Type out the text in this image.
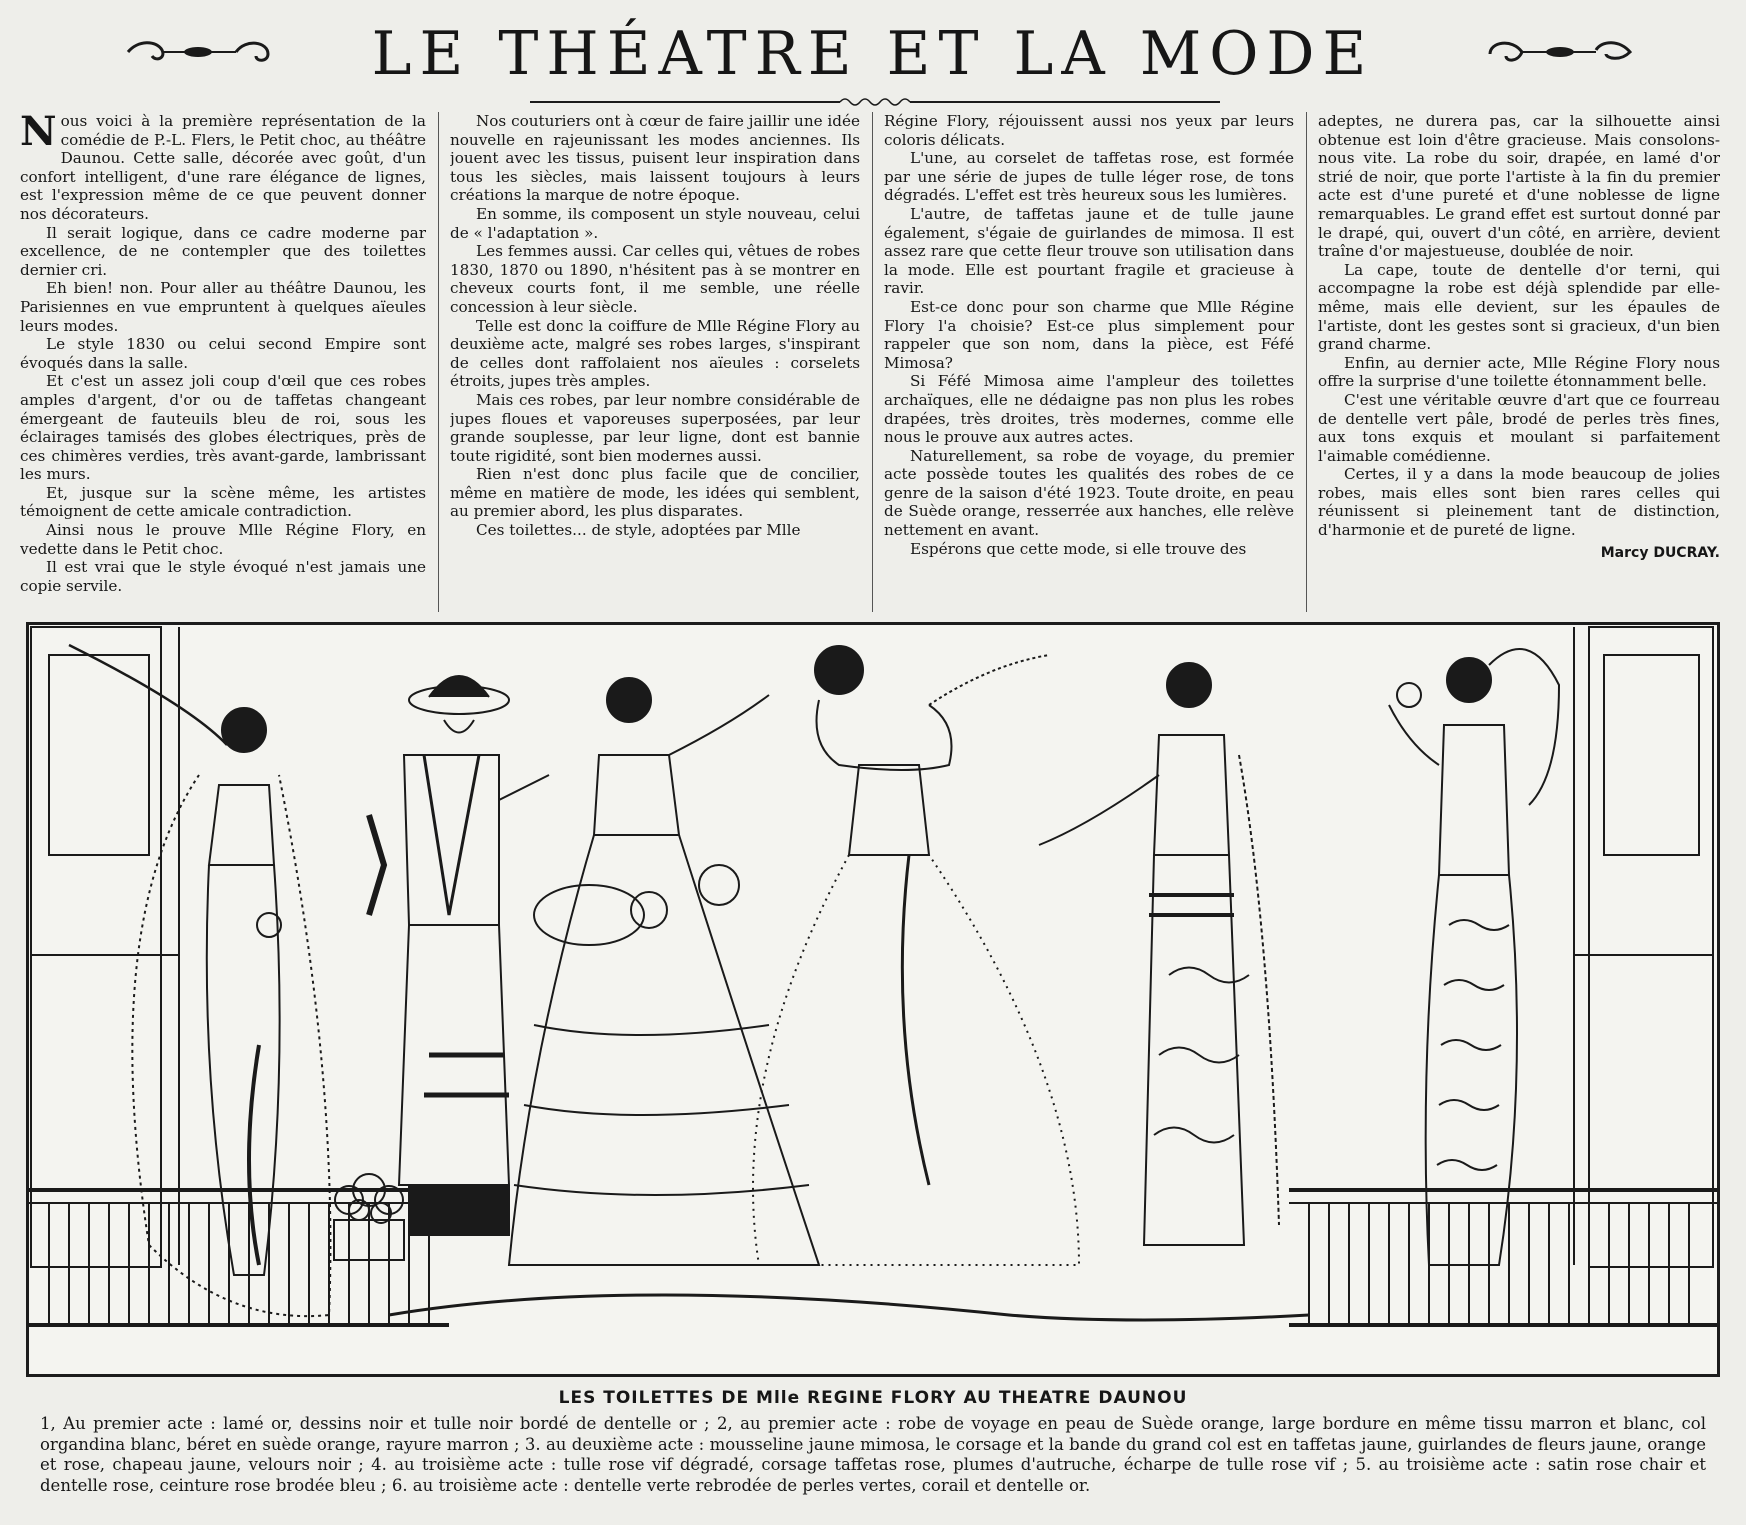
LE THÉATRE ET LA MODE
N ous voici à la première représentation de la comédie de P.-L. Flers, le Petit choc, au théâtre Daunou. Cette salle, décorée avec goût, d'un confort intelligent, d'une rare élégance de lignes, est l'expression même de ce que peuvent donner nos décorateurs.

Il serait logique, dans ce cadre moderne par excellence, de ne contempler que des toilettes dernier cri.

Eh bien! non. Pour aller au théâtre Daunou, les Parisiennes en vue empruntent à quelques aïeules leurs modes.

Le style 1830 ou celui second Empire sont évoqués dans la salle.

Et c'est un assez joli coup d'œil que ces robes amples d'argent, d'or ou de taffetas changeant émergeant de fauteuils bleu de roi, sous les éclairages tamisés des globes électriques, près de ces chimères verdies, très avant-garde, lambrissant les murs.

Et, jusque sur la scène même, les artistes témoignent de cette amicale contradiction.

Ainsi nous le prouve Mlle Régine Flory, en vedette dans le Petit choc.

Il est vrai que le style évoqué n'est jamais une copie servile.

Nos couturiers ont à cœur de faire jaillir une idée nouvelle en rajeunissant les modes anciennes. Ils jouent avec les tissus, puisent leur inspiration dans tous les siècles, mais laissent toujours à leurs créations la marque de notre époque.

En somme, ils composent un style nouveau, celui de « l'adaptation ».

Les femmes aussi. Car celles qui, vêtues de robes 1830, 1870 ou 1890, n'hésitent pas à se montrer en cheveux courts font, il me semble, une réelle concession à leur siècle.

Telle est donc la coiffure de Mlle Régine Flory au deuxième acte, malgré ses robes larges, s'inspirant de celles dont raffolaient nos aïeules : corselets étroits, jupes très amples.

Mais ces robes, par leur nombre considérable de jupes floues et vaporeuses superposées, par leur grande souplesse, par leur ligne, dont est bannie toute rigidité, sont bien modernes aussi.

Rien n'est donc plus facile que de concilier, même en matière de mode, les idées qui semblent, au premier abord, les plus disparates.

Ces toilettes... de style, adoptées par Mlle

Régine Flory, réjouissent aussi nos yeux par leurs coloris délicats.

L'une, au corselet de taffetas rose, est formée par une série de jupes de tulle léger rose, de tons dégradés. L'effet est très heureux sous les lumières.

L'autre, de taffetas jaune et de tulle jaune également, s'égaie de guirlandes de mimosa. Il est assez rare que cette fleur trouve son utilisation dans la mode. Elle est pourtant fragile et gracieuse à ravir.

Est-ce donc pour son charme que Mlle Régine Flory l'a choisie? Est-ce plus simplement pour rappeler que son nom, dans la pièce, est Féfé Mimosa?

Si Féfé Mimosa aime l'ampleur des toilettes archaïques, elle ne dédaigne pas non plus les robes drapées, très droites, très modernes, comme elle nous le prouve aux autres actes.

Naturellement, sa robe de voyage, du premier acte possède toutes les qualités des robes de ce genre de la saison d'été 1923. Toute droite, en peau de Suède orange, resserrée aux hanches, elle relève nettement en avant.

Espérons que cette mode, si elle trouve des

adeptes, ne durera pas, car la silhouette ainsi obtenue est loin d'être gracieuse. Mais consolons-nous vite. La robe du soir, drapée, en lamé d'or strié de noir, que porte l'artiste à la fin du premier acte est d'une pureté et d'une noblesse de ligne remarquables. Le grand effet est surtout donné par le drapé, qui, ouvert d'un côté, en arrière, devient traîne d'or majestueuse, doublée de noir.

La cape, toute de dentelle d'or terni, qui accompagne la robe est déjà splendide par elle-même, mais elle devient, sur les épaules de l'artiste, dont les gestes sont si gracieux, d'un bien grand charme.

Enfin, au dernier acte, Mlle Régine Flory nous offre la surprise d'une toilette étonnamment belle.

C'est une véritable œuvre d'art que ce fourreau de dentelle vert pâle, brodé de perles très fines, aux tons exquis et moulant si parfaitement l'aimable comédienne.

Certes, il y a dans la mode beaucoup de jolies robes, mais elles sont bien rares celles qui réunissent si pleinement tant de distinction, d'harmonie et de pureté de ligne.

Marcy DUCRAY.
LES TOILETTES DE Mlle REGINE FLORY AU THEATRE DAUNOU

1, Au premier acte : lamé or, dessins noir et tulle noir bordé de dentelle or ; 2, au premier acte : robe de voyage en peau de Suède orange, large bordure en même tissu marron et blanc, col organdina blanc, béret en suède orange, rayure marron ; 3. au deuxième acte : mousseline jaune mimosa, le corsage et la bande du grand col est en taffetas jaune, guirlandes de fleurs jaune, orange et rose, chapeau jaune, velours noir ; 4. au troisième acte : tulle rose vif dégradé, corsage taffetas rose, plumes d'autruche, écharpe de tulle rose vif ; 5. au troisième acte : satin rose chair et dentelle rose, ceinture rose brodée bleu ; 6. au troisième acte : dentelle verte rebrodée de perles vertes, corail et dentelle or.
